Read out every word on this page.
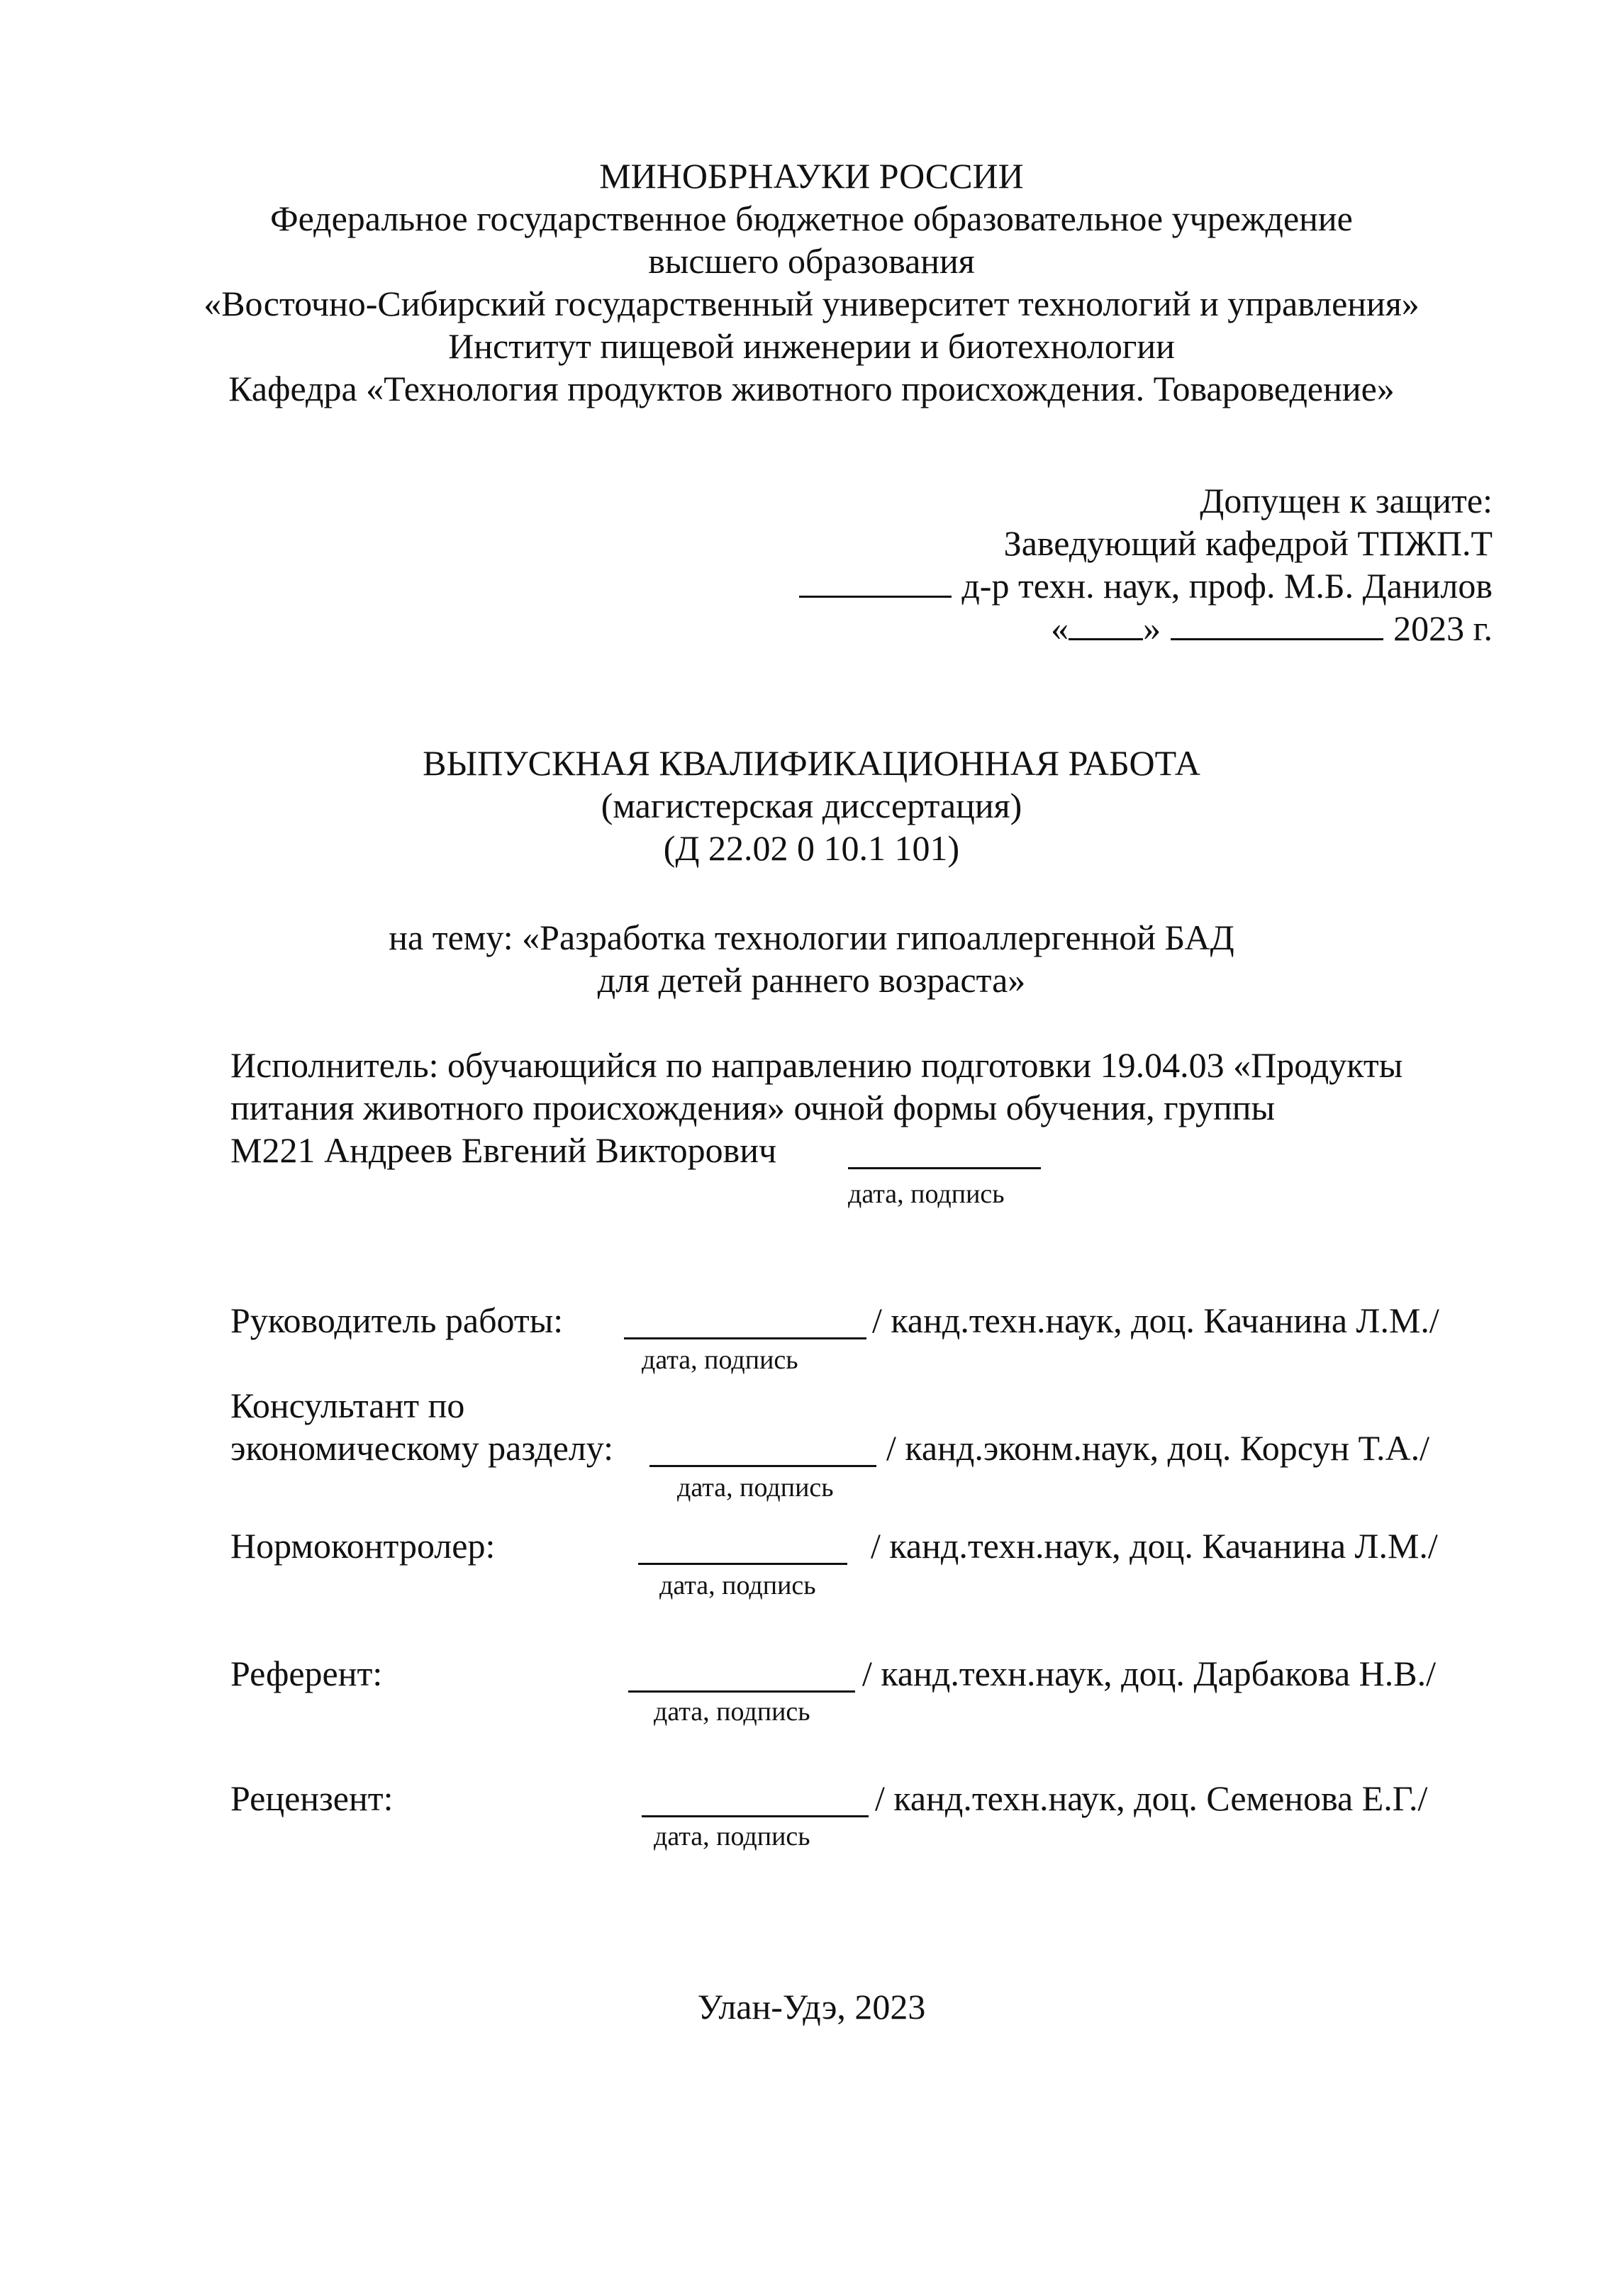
МИНОБРНАУКИ РОССИИ
Федеральное государственное бюджетное образовательное учреждение
высшего образования
«Восточно-Сибирский государственный университет технологий и управления»
Институт пищевой инженерии и биотехнологии
Кафедра «Технология продуктов животного происхождения. Товароведение»
Допущен к защите:
Заведующий кафедрой ТПЖП.Т
д-р техн. наук, проф. М.Б. Данилов
« »	2023 г.
ВЫПУСКНАЯ КВАЛИФИКАЦИОННАЯ РАБОТА
(магистерская диссертация)
(Д 22.02 0 10.1 101)
на тему: «Разработка технологии гипоаллергенной БАД
для детей раннего возраста»
Исполнитель: обучающийся по направлению подготовки 19.04.03 «Продукты
питания животного происхождения» очной формы обучения, группы
М221 Андреев Евгений Викторович
дата, подпись
Руководитель работы:	/ канд.техн.наук, доц. Качанина Л.М./
дата, подпись
Консультант по
экономическому разделу:	/ канд.эконм.наук, доц. Корсун Т.А./
дата, подпись
Нормоконтролер:	/ канд.техн.наук, доц. Качанина Л.М./
дата, подпись
Референт:	/ канд.техн.наук, доц. Дарбакова Н.В./
дата, подпись
Рецензент:	/ канд.техн.наук, доц. Семенова Е.Г./
дата, подпись
Улан-Удэ, 2023
